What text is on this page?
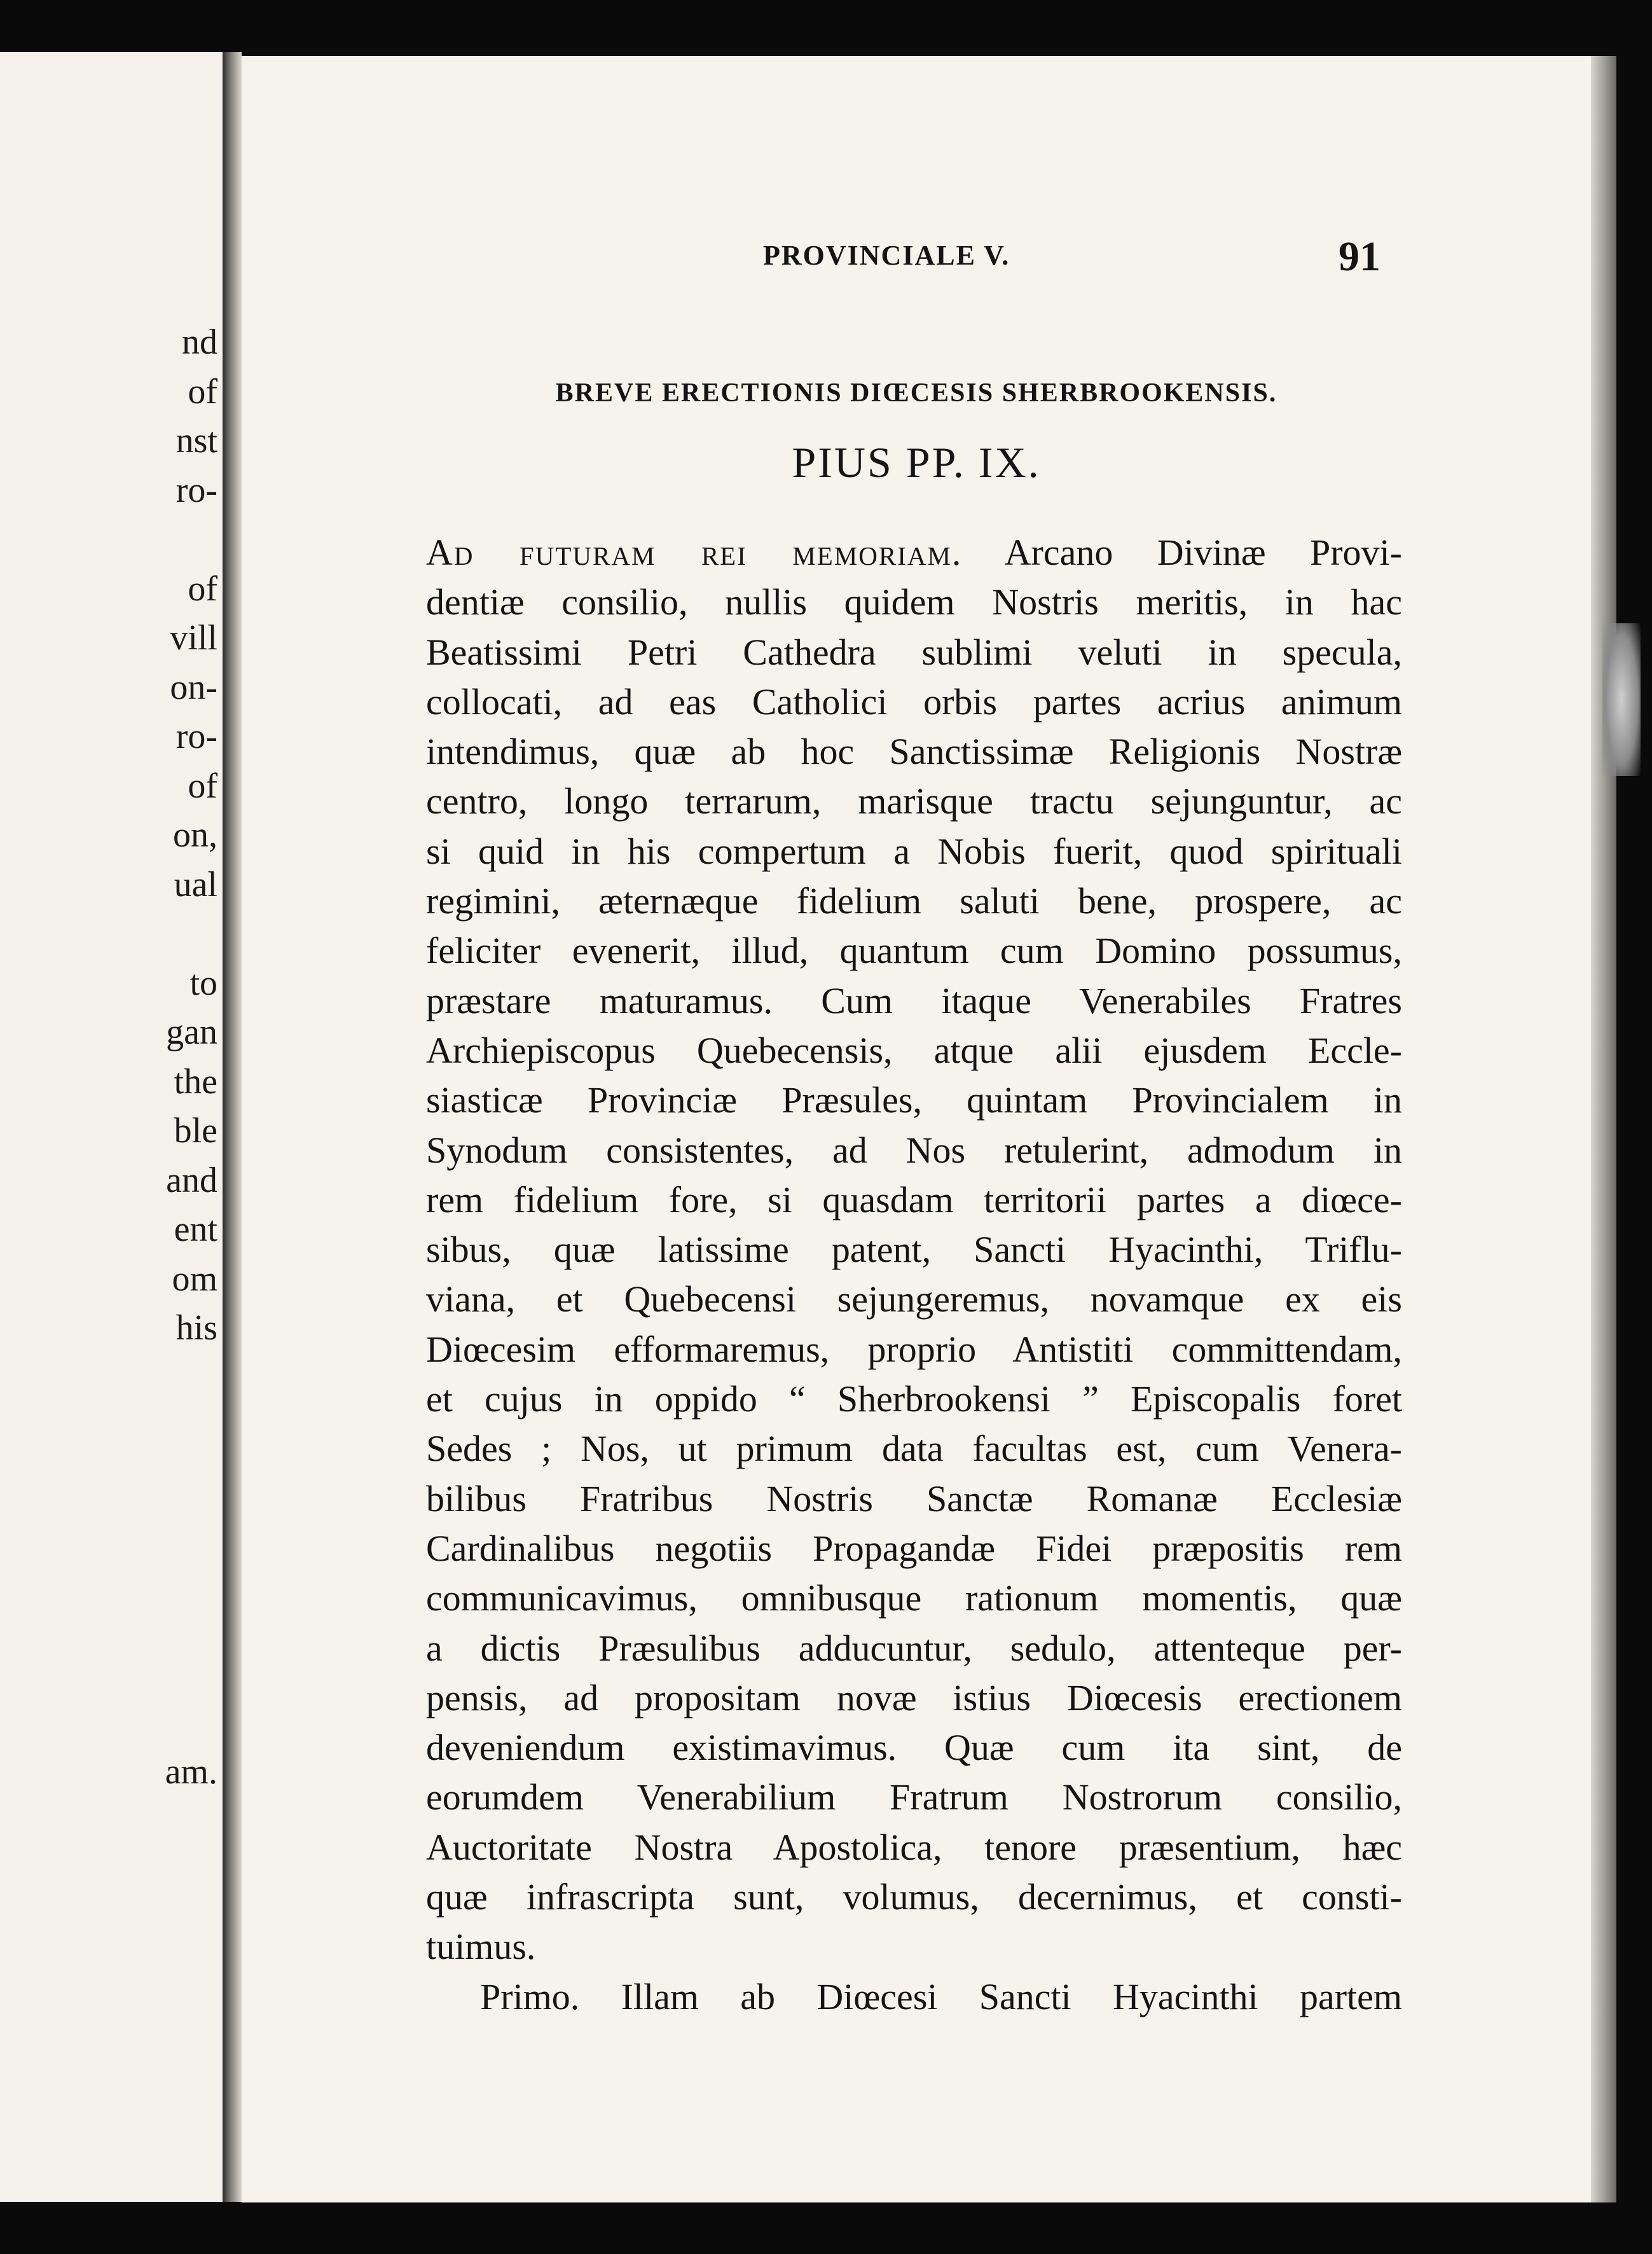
nd
of
nst
ro-
of
vill
on-
ro-
of
on,
ual
to
gan
the
ble
and
ent
om
his
am.
PROVINCIALE V.	91
BREVE ERECTIONIS DIŒCESIS SHERBROOKENSIS.
PIUS PP. IX.
Ad futuram rei memoriam. Arcano Divinæ Provi-
dentiæ consilio, nullis quidem Nostris meritis, in hac
Beatissimi Petri Cathedra sublimi veluti in specula,
collocati, ad eas Catholici orbis partes acrius animum
intendimus, quæ ab hoc Sanctissimæ Religionis Nostræ
centro, longo terrarum, marisque tractu sejunguntur, ac
si quid in his compertum a Nobis fuerit, quod spirituali
regimini, æternæque fidelium saluti bene, prospere, ac
feliciter evenerit, illud, quantum cum Domino possumus,
præstare maturamus. Cum itaque Venerabiles Fratres
Archiepiscopus Quebecensis, atque alii ejusdem Eccle-
siasticæ Provinciæ Præsules, quintam Provincialem in
Synodum consistentes, ad Nos retulerint, admodum in
rem fidelium fore, si quasdam territorii partes a diœce-
sibus, quæ latissime patent, Sancti Hyacinthi, Triflu-
viana, et Quebecensi sejungeremus, novamque ex eis
Diœcesim efformaremus, proprio Antistiti committendam,
et cujus in oppido “ Sherbrookensi ” Episcopalis foret
Sedes ; Nos, ut primum data facultas est, cum Venera-
bilibus Fratribus Nostris Sanctæ Romanæ Ecclesiæ
Cardinalibus negotiis Propagandæ Fidei præpositis rem
communicavimus, omnibusque rationum momentis, quæ
a dictis Præsulibus adducuntur, sedulo, attenteque per-
pensis, ad propositam novæ istius Diœcesis erectionem
deveniendum existimavimus. Quæ cum ita sint, de
eorumdem Venerabilium Fratrum Nostrorum consilio,
Auctoritate Nostra Apostolica, tenore præsentium, hæc
quæ infrascripta sunt, volumus, decernimus, et consti-
tuimus.
Primo. Illam ab Diœcesi Sancti Hyacinthi partem
